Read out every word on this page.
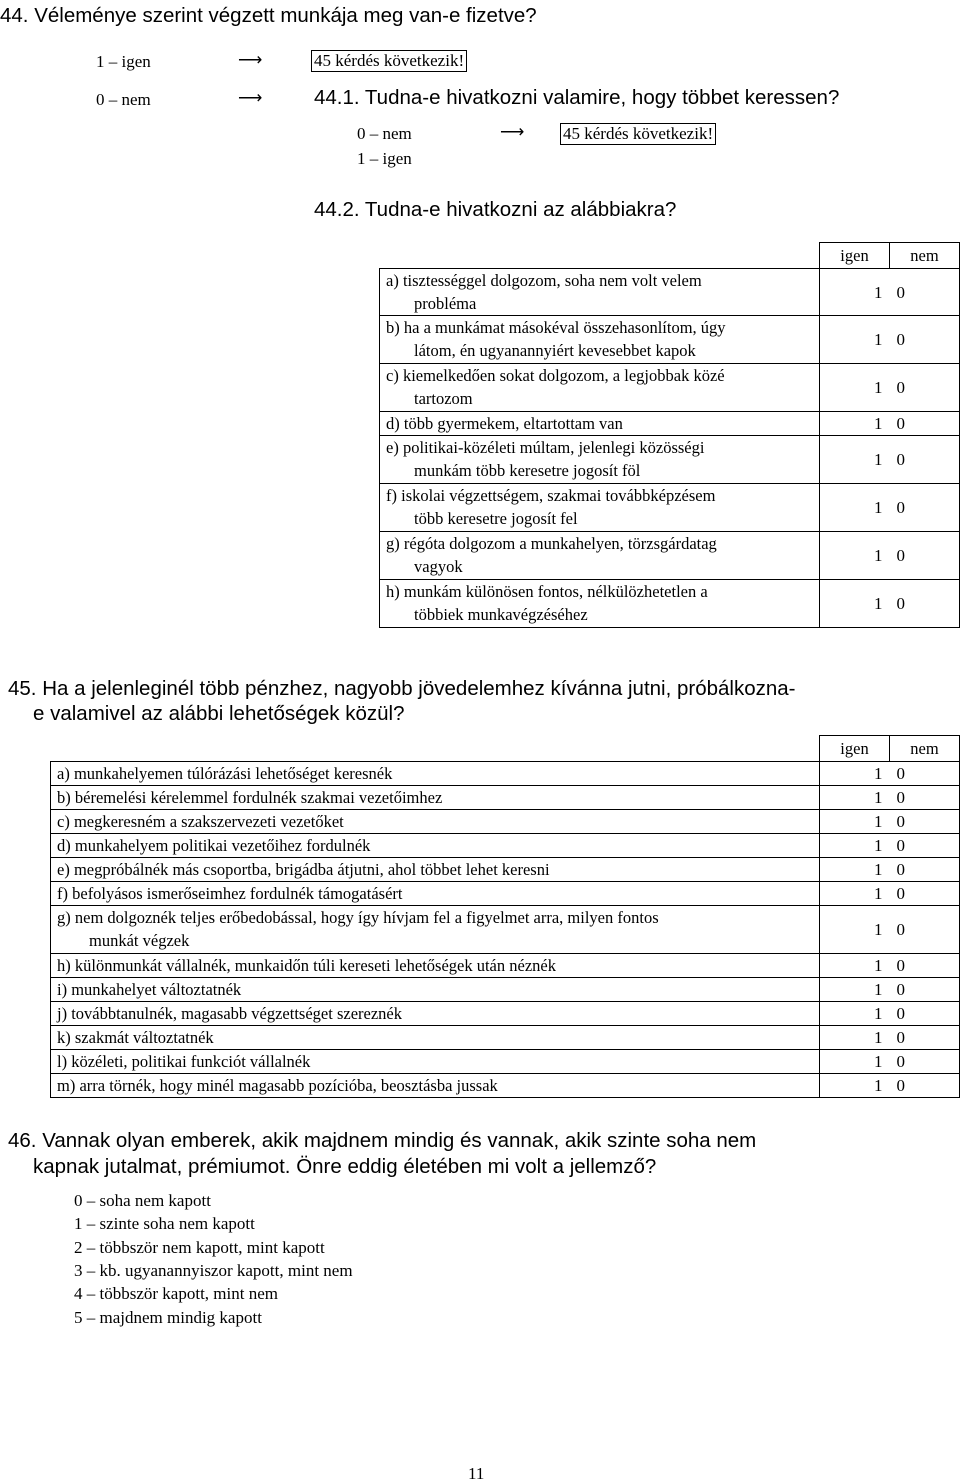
44. Véleménye szerint végzett munkája meg van-e fizetve?
1 – igen	⟶	45 kérdés következik!
0 – nem	⟶	44.1. Tudna-e hivatkozni valamire, hogy többet keressen?
0 – nem	⟶ 45 kérdés következik!
1 – igen
44.2. Tudna-e hivatkozni az alábbiakra?
	igen	nem
a) tisztességgel dolgozom, soha nem volt velem
probléma	1 0	
b) ha a munkámat másokéval összehasonlítom, úgy
látom, én ugyanannyiért kevesebbet kapok	1 0	
c) kiemelkedően sokat dolgozom, a legjobbak közé
tartozom	1 0	
d) több gyermekem, eltartottam van	1 0	
e) politikai-közéleti múltam, jelenlegi közösségi
munkám több keresetre jogosít föl	1 0	
f) iskolai végzettségem, szakmai továbbképzésem
több keresetre jogosít fel	1 0	
g) régóta dolgozom a munkahelyen, törzsgárdatag
vagyok	1 0	
h) munkám különösen fontos, nélkülözhetetlen a
többiek munkavégzéséhez	1 0	
45. Ha a jelenleginél több pénzhez, nagyobb jövedelemhez kívánna jutni, próbálkozna-
e valamivel az alábbi lehetőségek közül?
	igen	nem
a) munkahelyemen túlórázási lehetőséget keresnék	1 0	
b) béremelési kérelemmel fordulnék szakmai vezetőimhez	1 0	
c) megkeresném a szakszervezeti vezetőket	1 0	
d) munkahelyem politikai vezetőihez fordulnék	1 0	
e) megpróbálnék más csoportba, brigádba átjutni, ahol többet lehet keresni	1 0	
f) befolyásos ismerőseimhez fordulnék támogatásért	1 0	
g) nem dolgoznék teljes erőbedobással, hogy így hívjam fel a figyelmet arra, milyen fontos
munkát végzek	1 0	
h) különmunkát vállalnék, munkaidőn túli kereseti lehetőségek után néznék	1 0	
i) munkahelyet változtatnék	1 0	
j) továbbtanulnék, magasabb végzettséget szereznék	1 0	
k) szakmát változtatnék	1 0	
l) közéleti, politikai funkciót vállalnék	1 0	
m) arra törnék, hogy minél magasabb pozícióba, beosztásba jussak	1 0	
46. Vannak olyan emberek, akik majdnem mindig és vannak, akik szinte soha nem
kapnak jutalmat, prémiumot. Önre eddig életében mi volt a jellemző?
0 – soha nem kapott
1 – szinte soha nem kapott
2 – többször nem kapott, mint kapott
3 – kb. ugyanannyiszor kapott, mint nem
4 – többször kapott, mint nem
5 – majdnem mindig kapott
11
